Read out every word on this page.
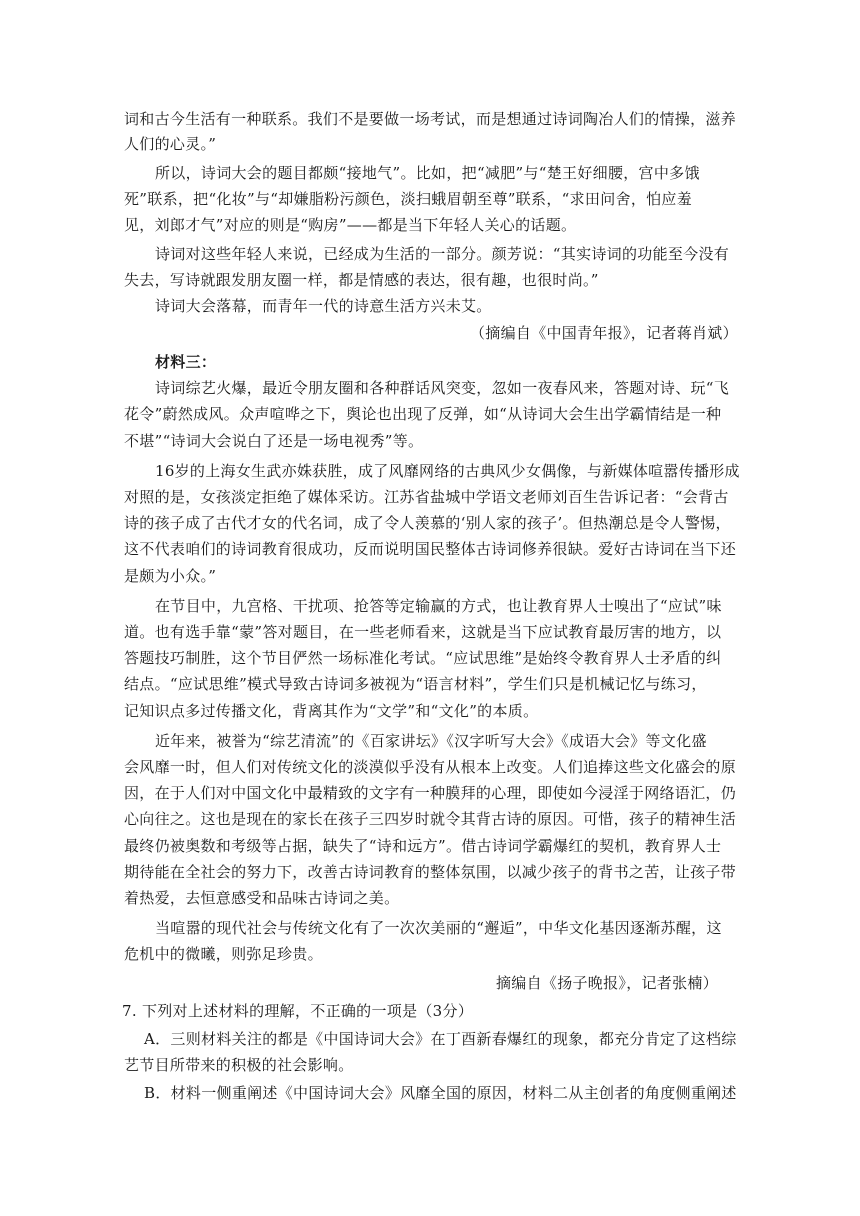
词和古今生活有一种联系。我们不是要做一场考试，而是想通过诗词陶冶人们的情操，滋养
人们的心灵。”
所以，诗词大会的题目都颇“接地气”。比如，把“减肥”与“楚王好细腰，宫中多饿
死”联系，把“化妆”与“却嫌脂粉污颜色，淡扫蛾眉朝至尊”联系，“求田问舍，怕应羞
见，刘郎才气”对应的则是“购房”——都是当下年轻人关心的话题。
诗词对这些年轻人来说，已经成为生活的一部分。颜芳说：“其实诗词的功能至今没有
失去，写诗就跟发朋友圈一样，都是情感的表达，很有趣，也很时尚。”
诗词大会落幕，而青年一代的诗意生活方兴未艾。
（摘编自《中国青年报》，记者蒋肖斌）
材料三：
诗词综艺火爆，最近令朋友圈和各种群话风突变，忽如一夜春风来，答题对诗、玩“飞
花令”蔚然成风。众声喧哗之下，舆论也出现了反弹，如“从诗词大会生出学霸情结是一种
不堪”“诗词大会说白了还是一场电视秀”等。
16岁的上海女生武亦姝获胜，成了风靡网络的古典风少女偶像，与新媒体喧嚣传播形成
对照的是，女孩淡定拒绝了媒体采访。江苏省盐城中学语文老师刘百生告诉记者：“会背古
诗的孩子成了古代才女的代名词，成了令人羡慕的‘别人家的孩子’。但热潮总是令人警惕，
这不代表咱们的诗词教育很成功，反而说明国民整体古诗词修养很缺。爱好古诗词在当下还
是颇为小众。”
在节目中，九宫格、干扰项、抢答等定输赢的方式，也让教育界人士嗅出了“应试”味
道。也有选手靠“蒙”答对题目，在一些老师看来，这就是当下应试教育最厉害的地方，以
答题技巧制胜，这个节目俨然一场标准化考试。“应试思维”是始终令教育界人士矛盾的纠
结点。“应试思维”模式导致古诗词多被视为“语言材料”，学生们只是机械记忆与练习，
记知识点多过传播文化，背离其作为“文学”和“文化”的本质。
近年来，被誉为“综艺清流”的《百家讲坛》《汉字听写大会》《成语大会》等文化盛
会风靡一时，但人们对传统文化的淡漠似乎没有从根本上改变。人们追捧这些文化盛会的原
因，在于人们对中国文化中最精致的文字有一种膜拜的心理，即使如今浸淫于网络语汇，仍
心向往之。这也是现在的家长在孩子三四岁时就令其背古诗的原因。可惜，孩子的精神生活
最终仍被奥数和考级等占据，缺失了“诗和远方”。借古诗词学霸爆红的契机，教育界人士
期待能在全社会的努力下，改善古诗词教育的整体氛围，以减少孩子的背书之苦，让孩子带
着热爱，去恒意感受和品味古诗词之美。
当喧嚣的现代社会与传统文化有了一次次美丽的“邂逅”，中华文化基因逐渐苏醒，这
危机中的微曦，则弥足珍贵。
摘编自《扬子晚报》，记者张楠）
7. 下列对上述材料的理解，不正确的一项是（3分）
A．三则材料关注的都是《中国诗词大会》在丁酉新春爆红的现象，都充分肯定了这档综
艺节目所带来的积极的社会影响。
B．材料一侧重阐述《中国诗词大会》风靡全国的原因，材料二从主创者的角度侧重阐述
